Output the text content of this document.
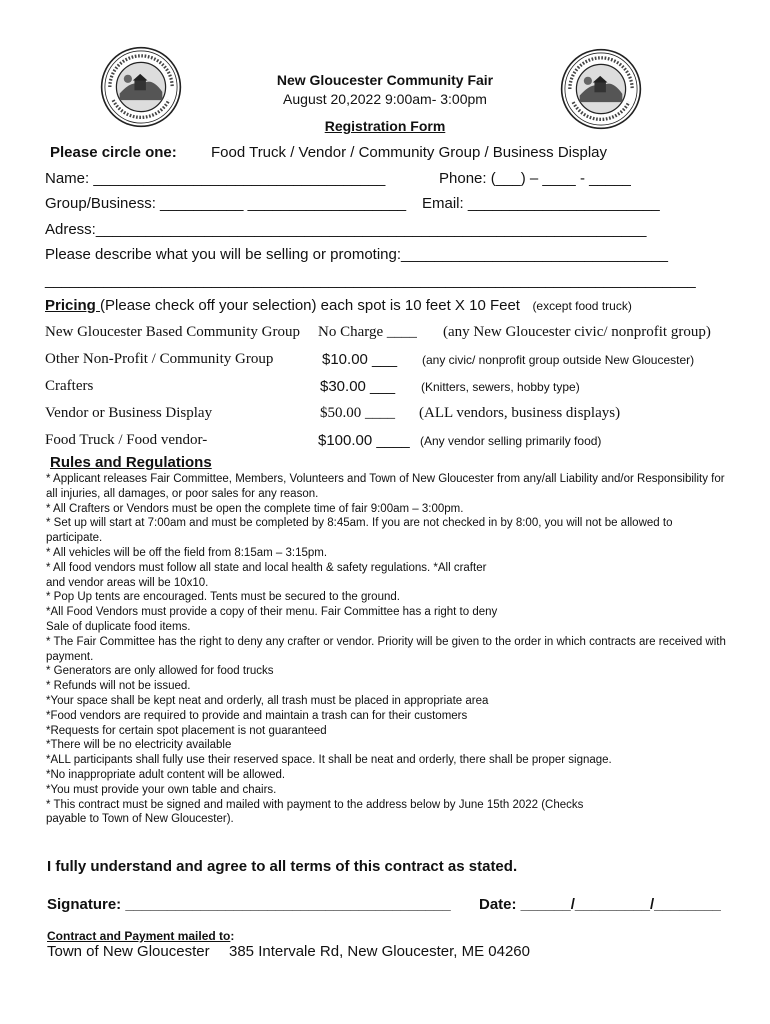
New Gloucester Community Fair
August 20,2022 9:00am- 3:00pm
Registration Form
Please circle one: Food Truck / Vendor / Community Group / Business Display
Name: ___________________________________	Phone: (___) – ____ - _____
Group/Business: __________ ___________________ Email: _______________________
Adress:__________________________________________________________________
Please describe what you will be selling or promoting:________________________________
______________________________________________________________________________
Pricing (Please check off your selection) each spot is 10 feet X 10 Feet (except food truck)
New Gloucester Based Community Group No Charge ____ (any New Gloucester civic/ nonprofit group)
Other Non-Profit / Community Group	$10.00 ___ (any civic/ nonprofit group outside New Gloucester)
Crafters	$30.00 ___ (Knitters, sewers, hobby type)
Vendor or Business Display	$50.00 ____ (ALL vendors, business displays)
Food Truck / Food vendor-	$100.00 ____ (Any vendor selling primarily food)
Rules and Regulations
* Applicant releases Fair Committee, Members, Volunteers and Town of New Gloucester from any/all Liability and/or Responsibility for all injuries, all damages, or poor sales for any reason.
* All Crafters or Vendors must be open the complete time of fair 9:00am – 3:00pm.
* Set up will start at 7:00am and must be completed by 8:45am. If you are not checked in by 8:00, you will not be allowed to participate.
* All vehicles will be off the field from 8:15am – 3:15pm.
* All food vendors must follow all state and local health & safety regulations. *All crafter
and vendor areas will be 10x10.
* Pop Up tents are encouraged. Tents must be secured to the ground.
*All Food Vendors must provide a copy of their menu. Fair Committee has a right to deny
Sale of duplicate food items.
* The Fair Committee has the right to deny any crafter or vendor. Priority will be given to the order in which contracts are received with payment.
* Generators are only allowed for food trucks
* Refunds will not be issued.
*Your space shall be kept neat and orderly, all trash must be placed in appropriate area
*Food vendors are required to provide and maintain a trash can for their customers
*Requests for certain spot placement is not guaranteed
*There will be no electricity available
*ALL participants shall fully use their reserved space. It shall be neat and orderly, there shall be proper signage.
*No inappropriate adult content will be allowed.
*You must provide your own table and chairs.
* This contract must be signed and mailed with payment to the address below by June 15th 2022 (Checks
payable to Town of New Gloucester).
I fully understand and agree to all terms of this contract as stated.
Signature: _______________________________________ Date: ______/_________/________
Contract and Payment mailed to:
Town of New Gloucester 385 Intervale Rd, New Gloucester, ME 04260
